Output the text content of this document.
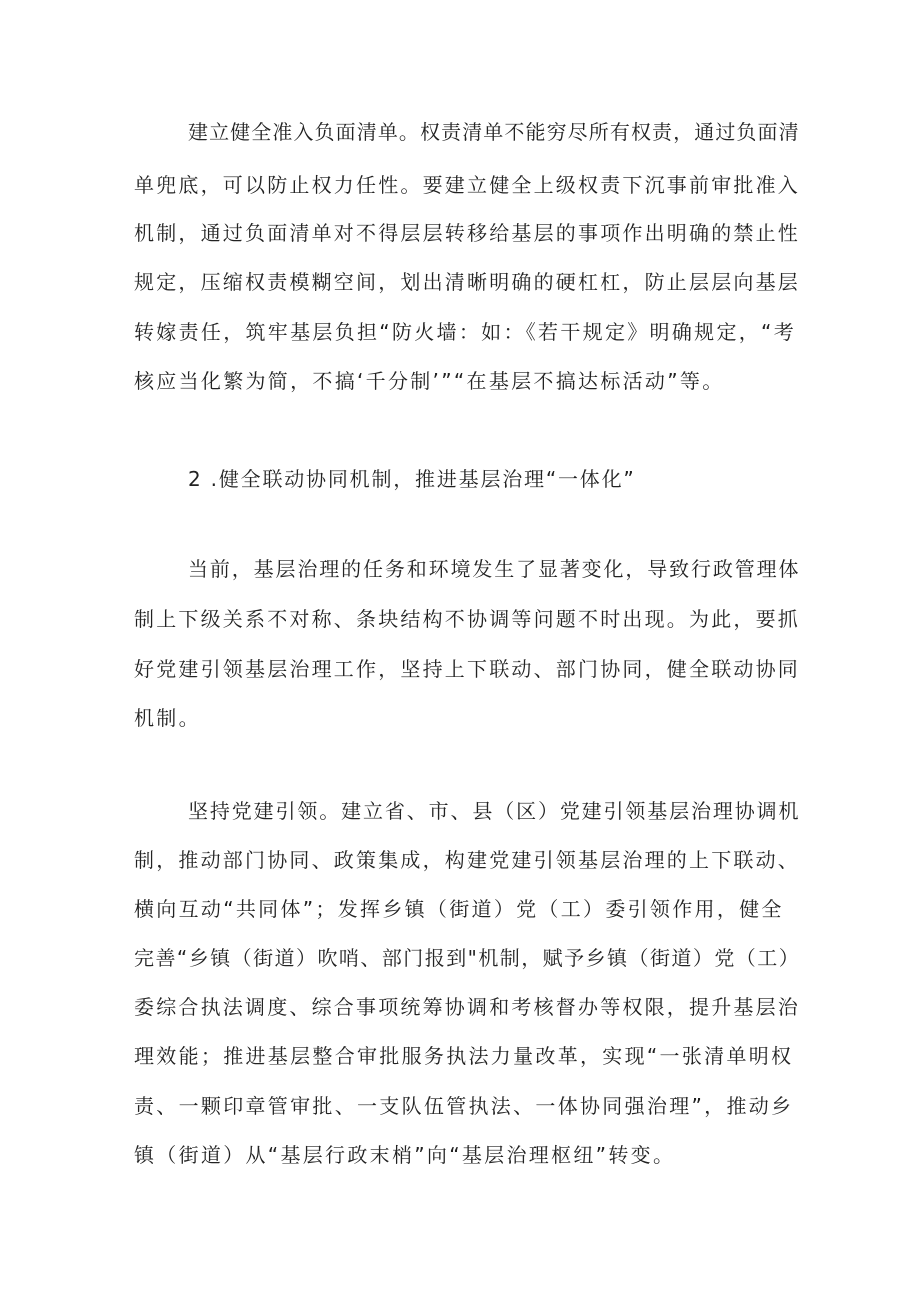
建立健全准入负面清单。权责清单不能穷尽所有权责，通过负面清
单兜底，可以防止权力任性。要建立健全上级权责下沉事前审批准入
机制，通过负面清单对不得层层转移给基层的事项作出明确的禁止性
规定，压缩权责模糊空间，划出清晰明确的硬杠杠，防止层层向基层
转嫁责任，筑牢基层负担“防火墙：如：《若干规定》明确规定，“考
核应当化繁为简，不搞‘千分制’”“在基层不搞达标活动”等。
2 .健全联动协同机制，推进基层治理“一体化”
当前，基层治理的任务和环境发生了显著变化，导致行政管理体
制上下级关系不对称、条块结构不协调等问题不时出现。为此，要抓
好党建引领基层治理工作，坚持上下联动、部门协同，健全联动协同
机制。
坚持党建引领。建立省、市、县（区）党建引领基层治理协调机
制，推动部门协同、政策集成，构建党建引领基层治理的上下联动、
横向互动“共同体”；发挥乡镇（街道）党（工）委引领作用，健全
完善“乡镇（街道）吹哨、部门报到"机制，赋予乡镇（街道）党（工）
委综合执法调度、综合事项统筹协调和考核督办等权限，提升基层治
理效能；推进基层整合审批服务执法力量改革，实现“一张清单明权
责、一颗印章管审批、一支队伍管执法、一体协同强治理”，推动乡
镇（街道）从“基层行政末梢”向“基层治理枢纽”转变。
